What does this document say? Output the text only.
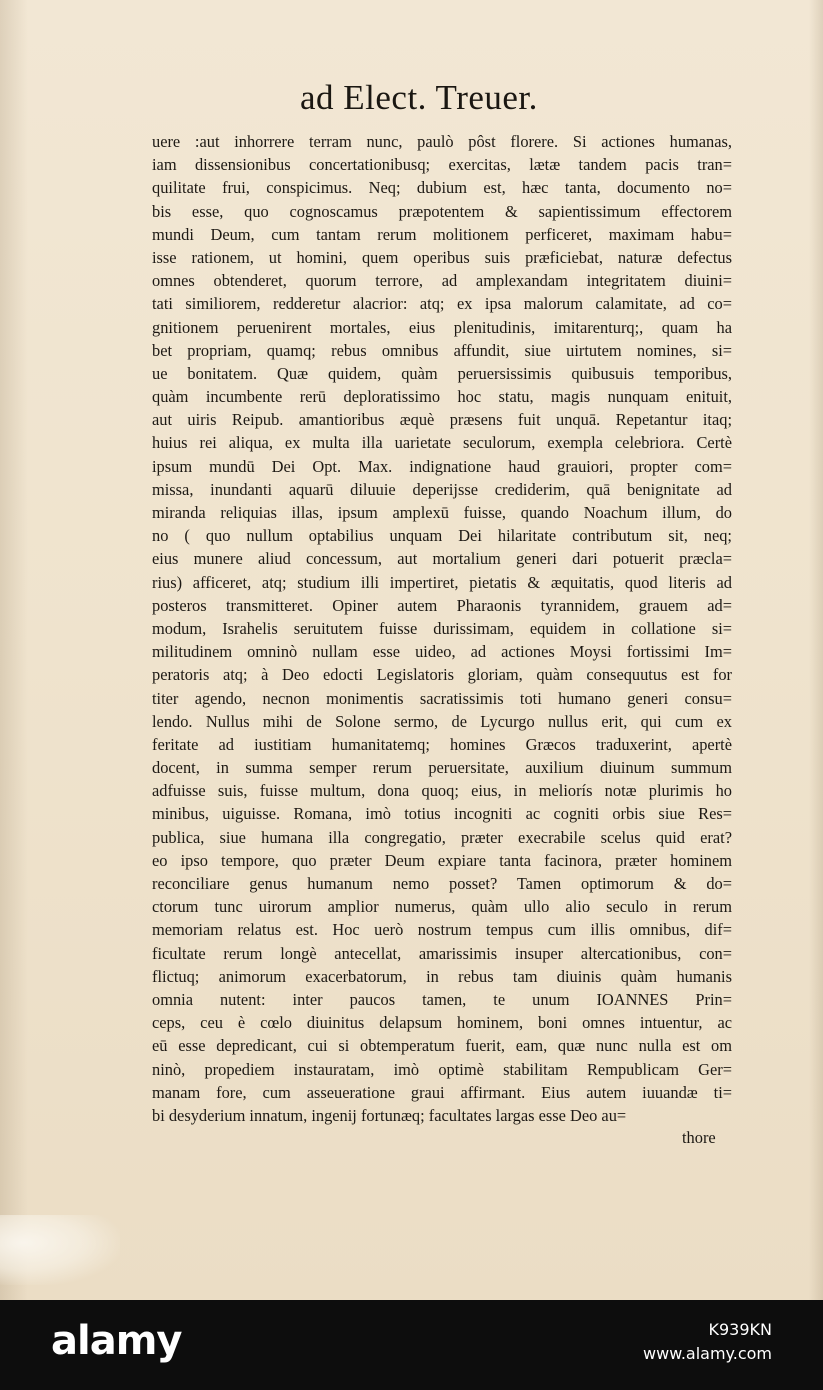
ad Elect. Treuer.
uere :aut inhorrere terram nunc, paulò pôst florere. Si actiones humanas,
iam dissensionibus concertationibusq; exercitas, lætæ tandem pacis tran=
quilitate frui, conspicimus. Neq; dubium est, hæc tanta, documento no=
bis esse, quo cognoscamus præpotentem & sapientissimum effectorem
mundi Deum, cum tantam rerum molitionem perficeret, maximam habu=
isse rationem, ut homini, quem operibus suis præficiebat, naturæ defectus
omnes obtenderet, quorum terrore, ad amplexandam integritatem diuini=
tati similiorem, redderetur alacrior: atq; ex ipsa malorum calamitate, ad co=
gnitionem peruenirent mortales, eius plenitudinis, imitarenturq;, quam ha
bet propriam, quamq; rebus omnibus affundit, siue uirtutem nomines, si=
ue bonitatem. Quæ quidem, quàm peruersissimis quibusuis temporibus,
quàm incumbente rerū deploratissimo hoc statu, magis nunquam enituit,
aut uiris Reipub. amantioribus æquè præsens fuit unquā. Repetantur itaq;
huius rei aliqua, ex multa illa uarietate seculorum, exempla celebriora. Certè
ipsum mundū Dei Opt. Max. indignatione haud grauiori, propter com=
missa, inundanti aquarū diluuie deperijsse crediderim, quā benignitate ad
miranda reliquias illas, ipsum amplexū fuisse, quando Noachum illum, do
no ( quo nullum optabilius unquam Dei hilaritate contributum sit, neq;
eius munere aliud concessum, aut mortalium generi dari potuerit præcla=
rius) afficeret, atq; studium illi impertiret, pietatis & æquitatis, quod literis ad
posteros transmitteret. Opiner autem Pharaonis tyrannidem, grauem ad=
modum, Israhelis seruitutem fuisse durissimam, equidem in collatione si=
militudinem omninò nullam esse uideo, ad actiones Moysi fortissimi Im=
peratoris atq; à Deo edocti Legislatoris gloriam, quàm consequutus est for
titer agendo, necnon monimentis sacratissimis toti humano generi consu=
lendo. Nullus mihi de Solone sermo, de Lycurgo nullus erit, qui cum ex
feritate ad iustitiam humanitatemq; homines Græcos traduxerint, apertè
docent, in summa semper rerum peruersitate, auxilium diuinum summum
adfuisse suis, fuisse multum, dona quoq; eius, in meliorís notæ plurimis ho
minibus, uiguisse. Romana, imò totius incogniti ac cogniti orbis siue Res=
publica, siue humana illa congregatio, præter execrabile scelus quid erat?
eo ipso tempore, quo præter Deum expiare tanta facinora, præter hominem
reconciliare genus humanum nemo posset? Tamen optimorum & do=
ctorum tunc uirorum amplior numerus, quàm ullo alio seculo in rerum
memoriam relatus est. Hoc uerò nostrum tempus cum illis omnibus, dif=
ficultate rerum longè antecellat, amarissimis insuper altercationibus, con=
flictuq; animorum exacerbatorum, in rebus tam diuinis quàm humanis
omnia nutent: inter paucos tamen, te unum IOANNES Prin=
ceps, ceu è cœlo diuinitus delapsum hominem, boni omnes intuentur, ac
eū esse depredicant, cui si obtemperatum fuerit, eam, quæ nunc nulla est om
ninò, propediem instauratam, imò optimè stabilitam Rempublicam Ger=
manam fore, cum asseueratione graui affirmant. Eius autem iuuandæ ti=
bi desyderium innatum, ingenij fortunæq; facultates largas esse Deo au=
thore
alamy	K939KN
www.alamy.com
